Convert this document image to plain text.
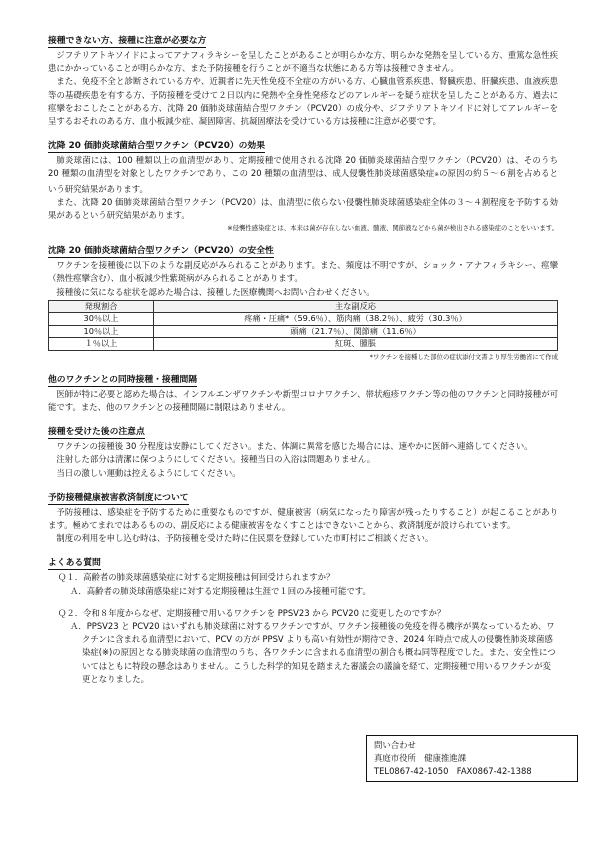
接種できない方、接種に注意が必要な方

ジフテリアトキソイドによってアナフィラキシーを呈したことがあることが明らかな方、明らかな発熱を呈している方、重篤な急性疾患にかかっていることが明らかな方、また予防接種を行うことが不適当な状態にある方等は接種できません。

また、免疫不全と診断されている方や、近親者に先天性免疫不全症の方がいる方、心臓血管系疾患、腎臓疾患、肝臓疾患、血液疾患等の基礎疾患を有する方、予防接種を受けて２日以内に発熱や全身性発疹などのアレルギーを疑う症状を呈したことがある方、過去に痙攣をおこしたことがある方、沈降 20 価肺炎球菌結合型ワクチン（PCV20）の成分や、ジフテリアトキソイドに対してアレルギーを呈するおそれのある方、血小板減少症、凝固障害、抗凝固療法を受けている方は接種に注意が必要です。

沈降 20 価肺炎球菌結合型ワクチン（PCV20）の効果

肺炎球菌には、100 種類以上の血清型があり、定期接種で使用される沈降 20 価肺炎球菌結合型ワクチン（PCV20）は、そのうち 20 種類の血清型を対象としたワクチンであり、この 20 種類の血清型は、成人侵襲性肺炎球菌感染症※の原因の約５～６割を占めるという研究結果があります。

また、沈降 20 価肺炎球菌結合型ワクチン（PCV20）は、血清型に依らない侵襲性肺炎球菌感染症全体の３～４割程度を予防する効果があるという研究結果があります。

※侵襲性感染症とは、本来は菌が存在しない血液、髄液、関節液などから菌が検出される感染症のことをいいます。
沈降 20 価肺炎球菌結合型ワクチン（PCV20）の安全性

ワクチンを接種後に以下のような副反応がみられることがあります。また、頻度は不明ですが、ショック・アナフィラキシー、痙攣（熱性痙攣含む）、血小板減少性紫斑病がみられることがあります。

接種後に気になる症状を認めた場合は、接種した医療機関へお問い合わせください。

発現割合	主な副反応
30％以上	疼痛・圧痛*（59.6％）、筋肉痛（38.2％）、疲労（30.3％）
10％以上	頭痛（21.7％）、関節痛（11.6％）
１％以上	紅斑、腫脹
*ワクチンを接種した部位の症状添付文書より厚生労働省にて作成
他のワクチンとの同時接種・接種間隔

医師が特に必要と認めた場合は、インフルエンザワクチンや新型コロナワクチン、帯状疱疹ワクチン等の他のワクチンと同時接種が可能です。また、他のワクチンとの接種間隔に制限はありません。

接種を受けた後の注意点

ワクチンの接種後 30 分程度は安静にしてください。また、体調に異常を感じた場合には、速やかに医師へ連絡してください。

注射した部分は清潔に保つようにしてください。接種当日の入浴は問題ありません。

当日の激しい運動は控えるようにしてください。

予防接種健康被害救済制度について

予防接種は、感染症を予防するために重要なものですが、健康被害（病気になったり障害が残ったりすること）が起こることがあります。極めてまれではあるものの、副反応による健康被害をなくすことはできないことから、救済制度が設けられています。

制度の利用を申し込む時は、予防接種を受けた時に住民票を登録していた市町村にご相談ください。

よくある質問

Ｑ１．高齢者の肺炎球菌感染症に対する定期接種は何回受けられますか？

Ａ．高齢者の肺炎球菌感染症に対する定期接種は生涯で１回のみ接種可能です。

Ｑ２．令和８年度からなぜ、定期接種で用いるワクチンを PPSV23 から PCV20 に変更したのですか？

Ａ．PPSV23 と PCV20 はいずれも肺炎球菌に対するワクチンですが、ワクチン接種後の免疫を得る機序が異なっているため、ワクチンに含まれる血清型において、PCV の方が PPSV よりも高い有効性が期待でき、2024 年時点で成人の侵襲性肺炎球菌感染症(※)の原因となる肺炎球菌の血清型のうち、各ワクチンに含まれる血清型の割合も概ね同等程度でした。また、安全性についてはともに特段の懸念はありません。こうした科学的知見を踏まえた審議会の議論を経て、定期接種で用いるワクチンが変更となりました。

問い合わせ
真庭市役所　健康推進課
TEL0867-42-1050　FAX0867-42-1388
